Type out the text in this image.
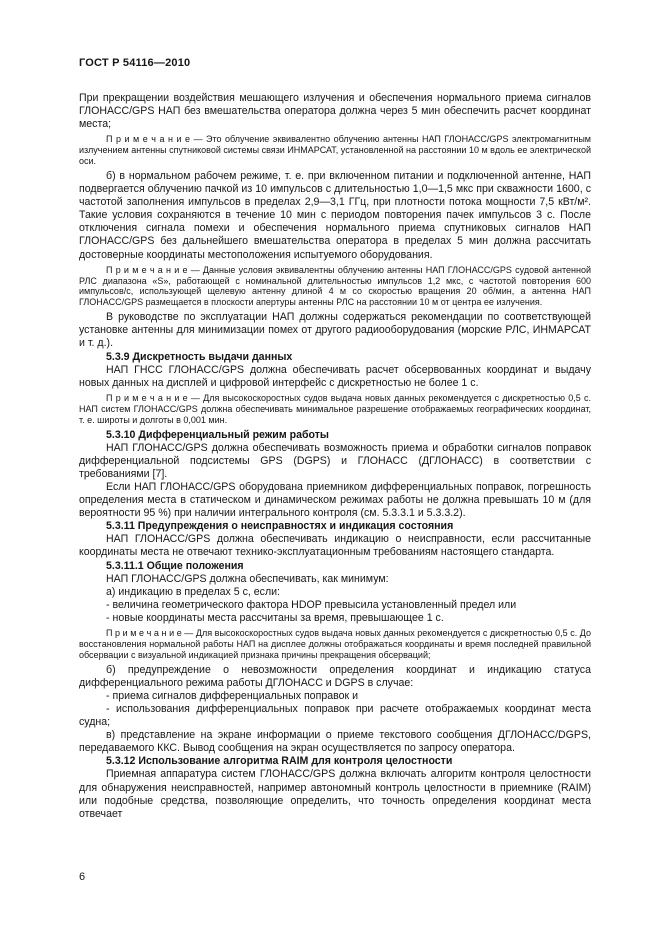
ГОСТ Р 54116—2010

При прекращении воздействия мешающего излучения и обеспечения нормального приема сигналов ГЛОНАСС/GPS НАП без вмешательства оператора должна через 5 мин обеспечить расчет координат места;

П р и м е ч а н и е — Это облучение эквивалентно облучению антенны НАП ГЛОНАСС/GPS электромагнитным излучением антенны спутниковой системы связи ИНМАРСАТ, установленной на расстоянии 10 м вдоль ее электрической оси.

б) в нормальном рабочем режиме, т. е. при включенном питании и подключенной антенне, НАП подвергается облучению пачкой из 10 импульсов с длительностью 1,0—1,5 мкс при скважности 1600, с частотой заполнения импульсов в пределах 2,9—3,1 ГГц, при плотности потока мощности 7,5 кВт/м². Такие условия сохраняются в течение 10 мин с периодом повторения пачек импульсов 3 с. После отключения сигнала помехи и обеспечения нормального приема спутниковых сигналов НАП ГЛОНАСС/GPS без дальнейшего вмешательства оператора в пределах 5 мин должна рассчитать достоверные координаты местоположения испытуемого оборудования.

П р и м е ч а н и е — Данные условия эквивалентны облучению антенны НАП ГЛОНАСС/GPS судовой антенной РЛС диапазона «S», работающей с номинальной длительностью импульсов 1,2 мкс, с частотой повторения 600 импульсов/с, использующей щелевую антенну длиной 4 м со скоростью вращения 20 об/мин, а антенна НАП ГЛОНАСС/GPS размещается в плоскости апертуры антенны РЛС на расстоянии 10 м от центра ее излучения.

В руководстве по эксплуатации НАП должны содержаться рекомендации по соответствующей установке антенны для минимизации помех от другого радиооборудования (морские РЛС, ИНМАРСАТ и т. д.).

5.3.9 Дискретность выдачи данных

НАП ГНСС ГЛОНАСС/GPS должна обеспечивать расчет обсервованных координат и выдачу новых данных на дисплей и цифровой интерфейс с дискретностью не более 1 с.

П р и м е ч а н и е — Для высокоскоростных судов выдача новых данных рекомендуется с дискретностью 0,5 с. НАП систем ГЛОНАСС/GPS должна обеспечивать минимальное разрешение отображаемых географических координат, т. е. широты и долготы в 0,001 мин.

5.3.10 Дифференциальный режим работы

НАП ГЛОНАСС/GPS должна обеспечивать возможность приема и обработки сигналов поправок дифференциальной подсистемы GPS (DGPS) и ГЛОНАСС (ДГЛОНАСС) в соответствии с требованиями [7].

Если НАП ГЛОНАСС/GPS оборудована приемником дифференциальных поправок, погрешность определения места в статическом и динамическом режимах работы не должна превышать 10 м (для вероятности 95 %) при наличии интегрального контроля (см. 5.3.3.1 и 5.3.3.2).

5.3.11 Предупреждения о неисправностях и индикация состояния

НАП ГЛОНАСС/GPS должна обеспечивать индикацию о неисправности, если рассчитанные координаты места не отвечают технико-эксплуатационным требованиям настоящего стандарта.

5.3.11.1 Общие положения

НАП ГЛОНАСС/GPS должна обеспечивать, как минимум:

а) индикацию в пределах 5 с, если:

- величина геометрического фактора HDOP превысила установленный предел или

- новые координаты места рассчитаны за время, превышающее 1 с.

П р и м е ч а н и е — Для высокоскоростных судов выдача новых данных рекомендуется с дискретностью 0,5 с. До восстановления нормальной работы НАП на дисплее должны отображаться координаты и время последней правильной обсервации с визуальной индикацией признака причины прекращения обсерваций;

б) предупреждение о невозможности определения координат и индикацию статуса дифференциального режима работы ДГЛОНАСС и DGPS в случае:

- приема сигналов дифференциальных поправок и

- использования дифференциальных поправок при расчете отображаемых координат места судна;

в) представление на экране информации о приеме текстового сообщения ДГЛОНАСС/DGPS, передаваемого ККС. Вывод сообщения на экран осуществляется по запросу оператора.

5.3.12 Использование алгоритма RAIM для контроля целостности

Приемная аппаратура систем ГЛОНАСС/GPS должна включать алгоритм контроля целостности для обнаружения неисправностей, например автономный контроль целостности в приемнике (RAIM) или подобные средства, позволяющие определить, что точность определения координат места отвечает

6
